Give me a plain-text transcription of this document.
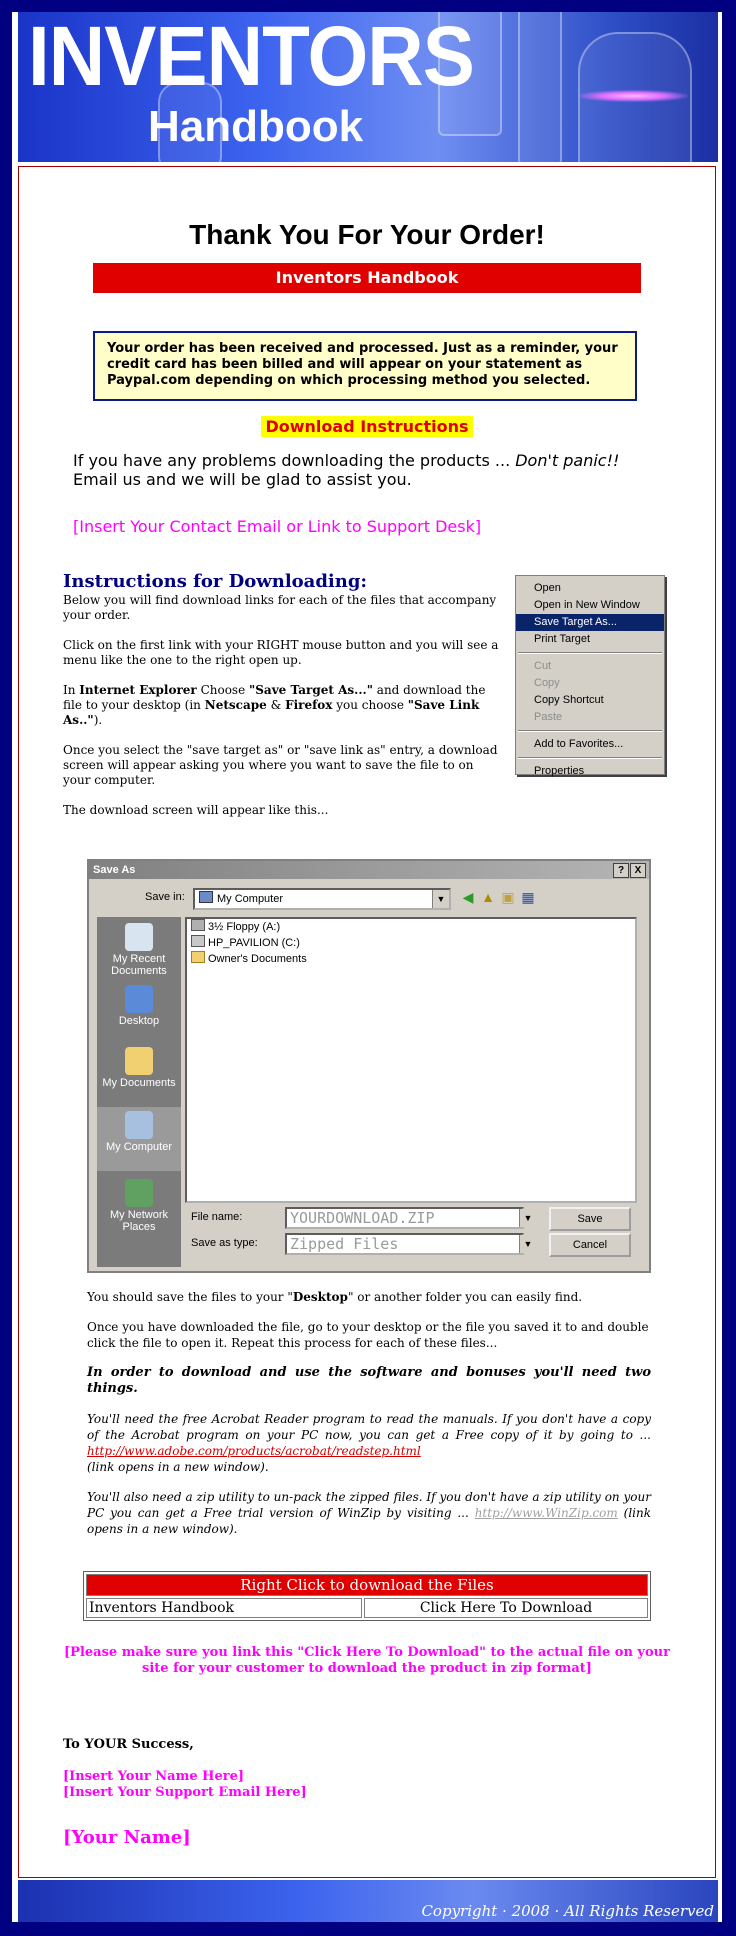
INVENTORS
Handbook
Thank You For Your Order!
Inventors Handbook
Your order has been received and processed. Just as a reminder, your credit card has been billed and will appear on your statement as Paypal.com depending on which processing method you selected.
Download Instructions
If you have any problems downloading the products ... Don't panic!!
Email us and we will be glad to assist you.
[Insert Your Contact Email or Link to Support Desk]
Instructions for Downloading:

Below you will find download links for each of the files that accompany your order.

Click on the first link with your RIGHT mouse button and you will see a menu like the one to the right open up.

In Internet Explorer Choose "Save Target As..." and download the file to your desktop (in Netscape & Firefox you choose "Save Link As..").

Once you select the "save target as" or "save link as" entry, a download screen will appear asking you where you want to save the file to on your computer.

The download screen will appear like this...

Open
Open in New Window
Save Target As...
Print Target
Cut
Copy
Copy Shortcut
Paste
Add to Favorites...
Properties
Save As	?	X
Save in:	My Computer	▼ ◀ ▲ ▣ ▦
My Recent Documents
Desktop
My Documents
My Computer
My Network Places
3½ Floppy (A:)
HP_PAVILION (C:)
Owner's Documents
File name:	YOURDOWNLOAD.ZIP	▼	Save
Save as type:	Zipped Files	▼	Cancel

You should save the files to your "Desktop" or another folder you can easily find.

Once you have downloaded the file, go to your desktop or the file you saved it to and double click the file to open it. Repeat this process for each of these files...

In order to download and use the software and bonuses you'll need two things.

You'll need the free Acrobat Reader program to read the manuals. If you don't have a copy of the Acrobat program on your PC now, you can get a Free copy of it by going to ... http://www.adobe.com/products/acrobat/readstep.html
(link opens in a new window).

You'll also need a zip utility to un-pack the zipped files. If you don't have a zip utility on your PC you can get a Free trial version of WinZip by visiting ... http://www.WinZip.com (link opens in a new window).

Right Click to download the Files
Inventors Handbook	Click Here To Download
[Please make sure you link this "Click Here To Download" to the actual file on your site for your customer to download the product in zip format]
To YOUR Success,
[Insert Your Name Here]
[Insert Your Support Email Here]
[Your Name]
Copyright · 2008 · All Rights Reserved
